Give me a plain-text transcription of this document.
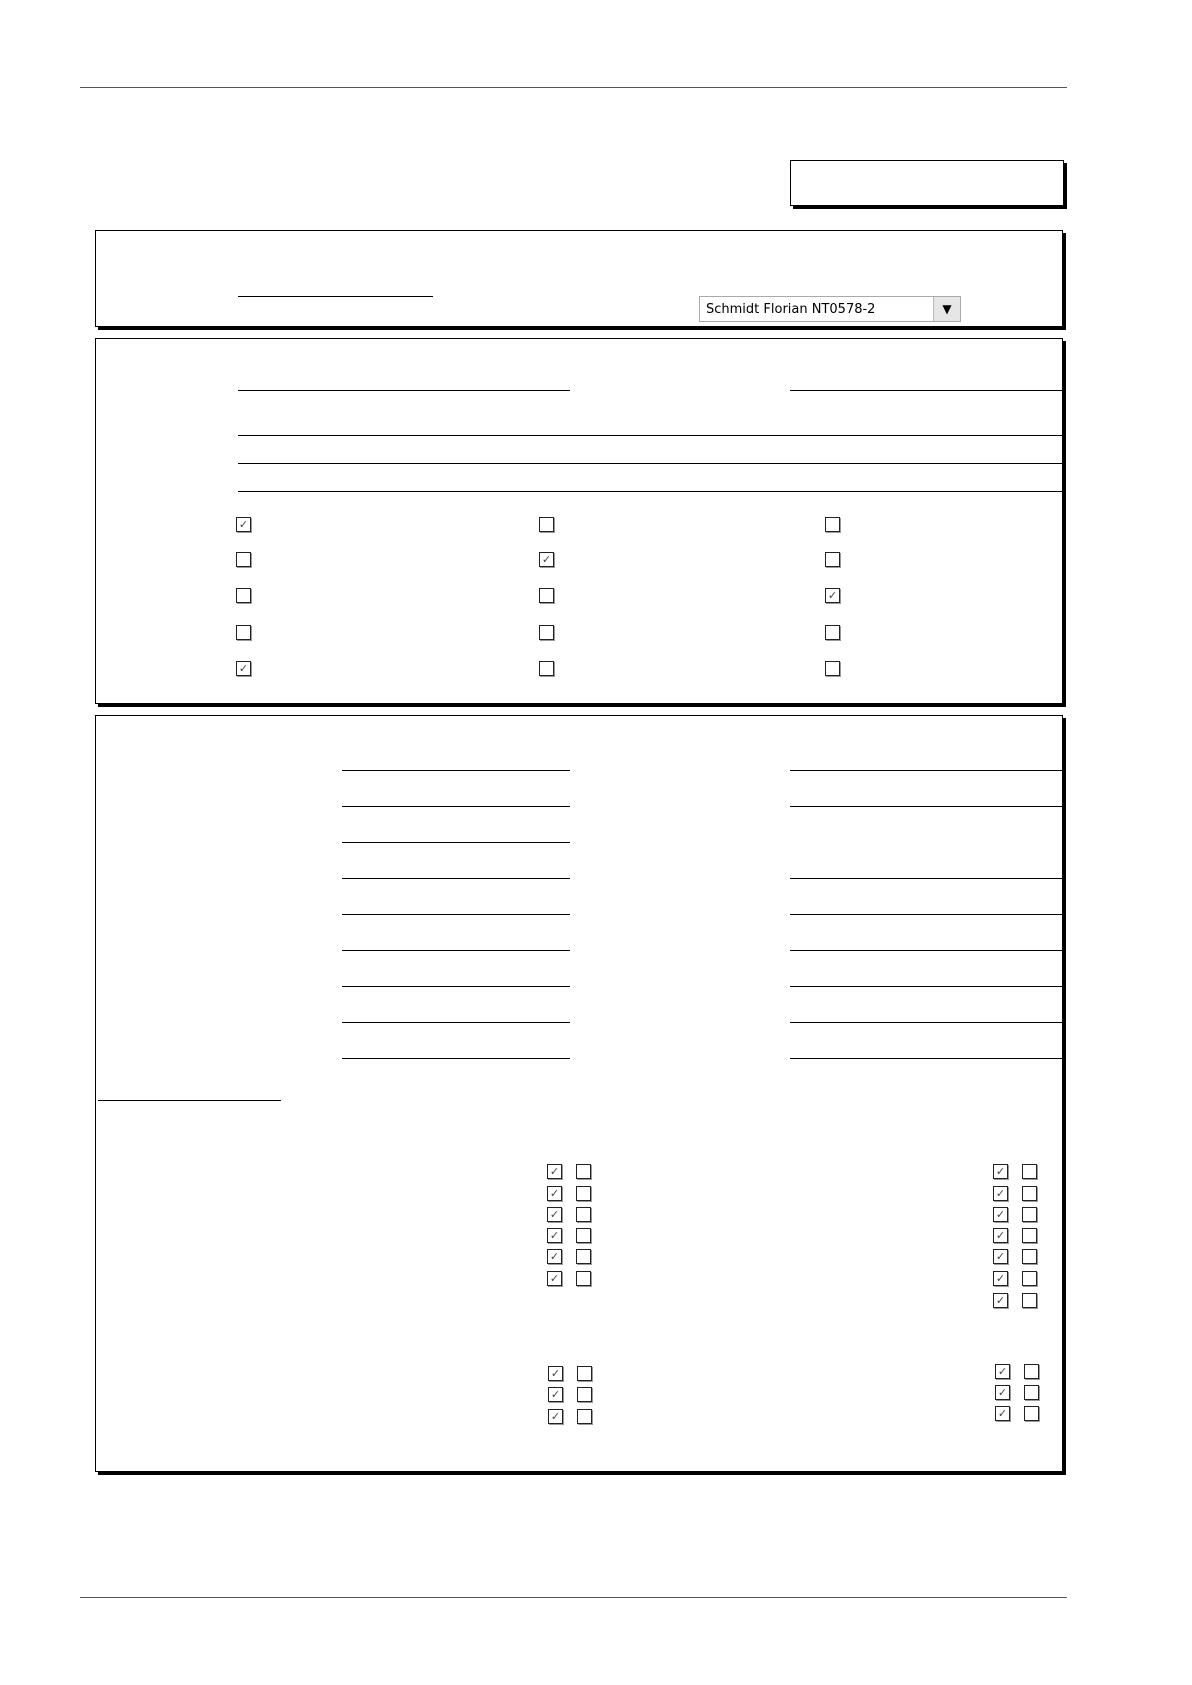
Schmidt Florian NT0578-2	▼
✓
✓
✓
✓
✓
✓
✓
✓
✓
✓
✓
✓
✓
✓
✓
✓
✓
✓
✓
✓
✓
✓
✓
